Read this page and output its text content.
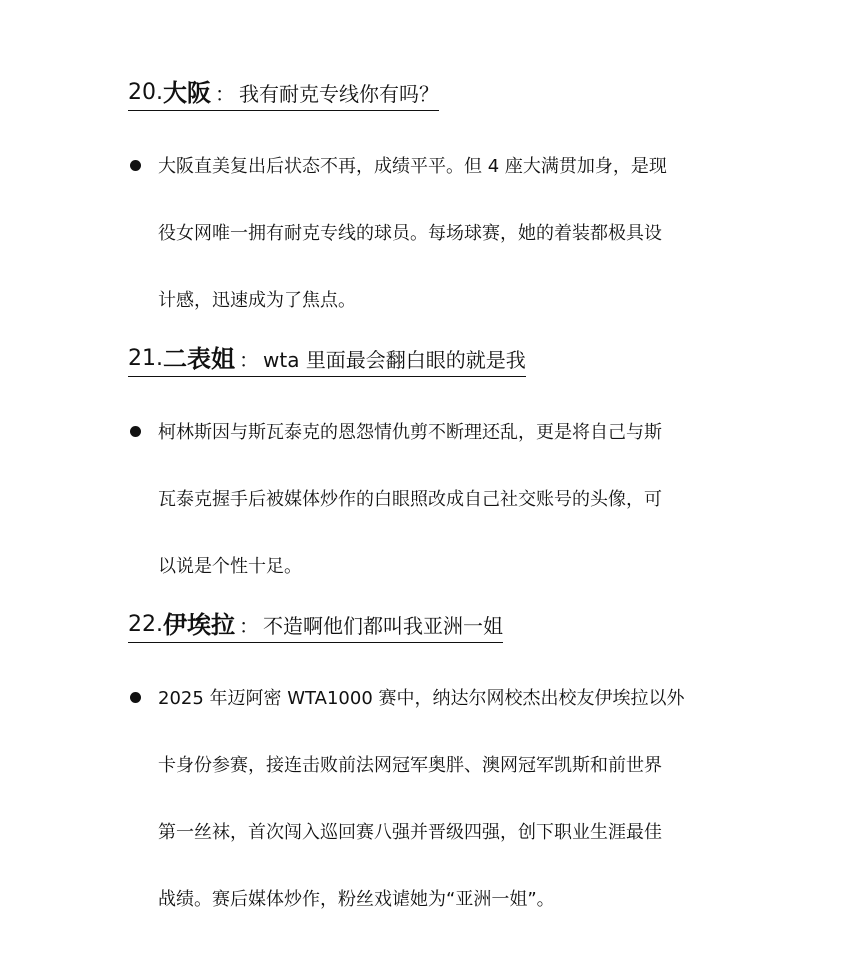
20. 大阪 ： 我有耐克专线你有吗？
大阪直美复出后状态不再，成绩平平。但 4 座大满贯加身，是现
役女网唯一拥有耐克专线的球员。每场球赛，她的着装都极具设
计感，迅速成为了焦点。
21. 二表姐 ： wta 里面最会翻白眼的就是我
柯林斯因与斯瓦泰克的恩怨情仇剪不断理还乱，更是将自己与斯
瓦泰克握手后被媒体炒作的白眼照改成自己社交账号的头像，可
以说是个性十足。
22. 伊埃拉 ： 不造啊他们都叫我亚洲一姐
2025 年迈阿密 WTA1000 赛中，纳达尔网校杰出校友伊埃拉以外
卡身份参赛，接连击败前法网冠军奥胖、澳网冠军凯斯和前世界
第一丝袜，首次闯入巡回赛八强并晋级四强，创下职业生涯最佳
战绩。赛后媒体炒作，粉丝戏谑她为“亚洲一姐”。
